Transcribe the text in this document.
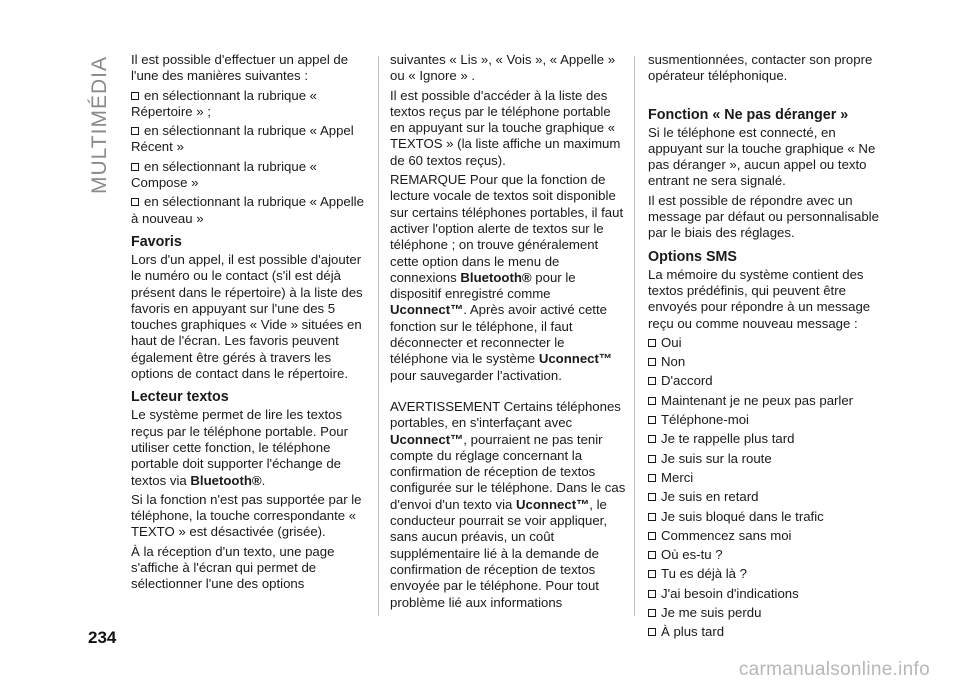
MULTIMÉDIA Il est possible d'effectuer un appel de l'une des manières suivantes :

en sélectionnant la rubrique « Répertoire » ;

en sélectionnant la rubrique « Appel Récent »

en sélectionnant la rubrique « Compose »

en sélectionnant la rubrique « Appelle à nouveau »

Favoris

Lors d'un appel, il est possible d'ajouter le numéro ou le contact (s'il est déjà présent dans le répertoire) à la liste des favoris en appuyant sur l'une des 5 touches graphiques « Vide » situées en haut de l'écran. Les favoris peuvent également être gérés à travers les options de contact dans le répertoire.

Lecteur textos

Le système permet de lire les textos reçus par le téléphone portable. Pour utiliser cette fonction, le téléphone portable doit supporter l'échange de textos via Bluetooth®.

Si la fonction n'est pas supportée par le téléphone, la touche correspondante « TEXTO » est désactivée (grisée).

À la réception d'un texto, une page s'affiche à l'écran qui permet de sélectionner l'une des options

suivantes « Lis », « Vois », « Appelle » ou « Ignore » .

Il est possible d'accéder à la liste des textos reçus par le téléphone portable en appuyant sur la touche graphique « TEXTOS » (la liste affiche un maximum de 60 textos reçus).

REMARQUE Pour que la fonction de lecture vocale de textos soit disponible sur certains téléphones portables, il faut activer l'option alerte de textos sur le téléphone ; on trouve généralement cette option dans le menu de connexions Bluetooth® pour le dispositif enregistré comme Uconnect™. Après avoir activé cette fonction sur le téléphone, il faut déconnecter et reconnecter le téléphone via le système Uconnect™ pour sauvegarder l'activation.

AVERTISSEMENT Certains téléphones portables, en s'interfaçant avec Uconnect™, pourraient ne pas tenir compte du réglage concernant la confirmation de réception de textos configurée sur le téléphone. Dans le cas d'envoi d'un texto via Uconnect™, le conducteur pourrait se voir appliquer, sans aucun préavis, un coût supplémentaire lié à la demande de confirmation de réception de textos envoyée par le téléphone. Pour tout problème lié aux informations

susmentionnées, contacter son propre opérateur téléphonique.

Fonction « Ne pas déranger »

Si le téléphone est connecté, en appuyant sur la touche graphique « Ne pas déranger », aucun appel ou texto entrant ne sera signalé.

Il est possible de répondre avec un message par défaut ou personnalisable par le biais des réglages.

Options SMS

La mémoire du système contient des textos prédéfinis, qui peuvent être envoyés pour répondre à un message reçu ou comme nouveau message :

Oui

Non

D'accord

Maintenant je ne peux pas parler

Téléphone-moi

Je te rappelle plus tard

Je suis sur la route

Merci

Je suis en retard

Je suis bloqué dans le trafic

Commencez sans moi

Où es-tu ?

Tu es déjà là ?

J'ai besoin d'indications

Je me suis perdu

À plus tard

234
carmanualsonline.info
